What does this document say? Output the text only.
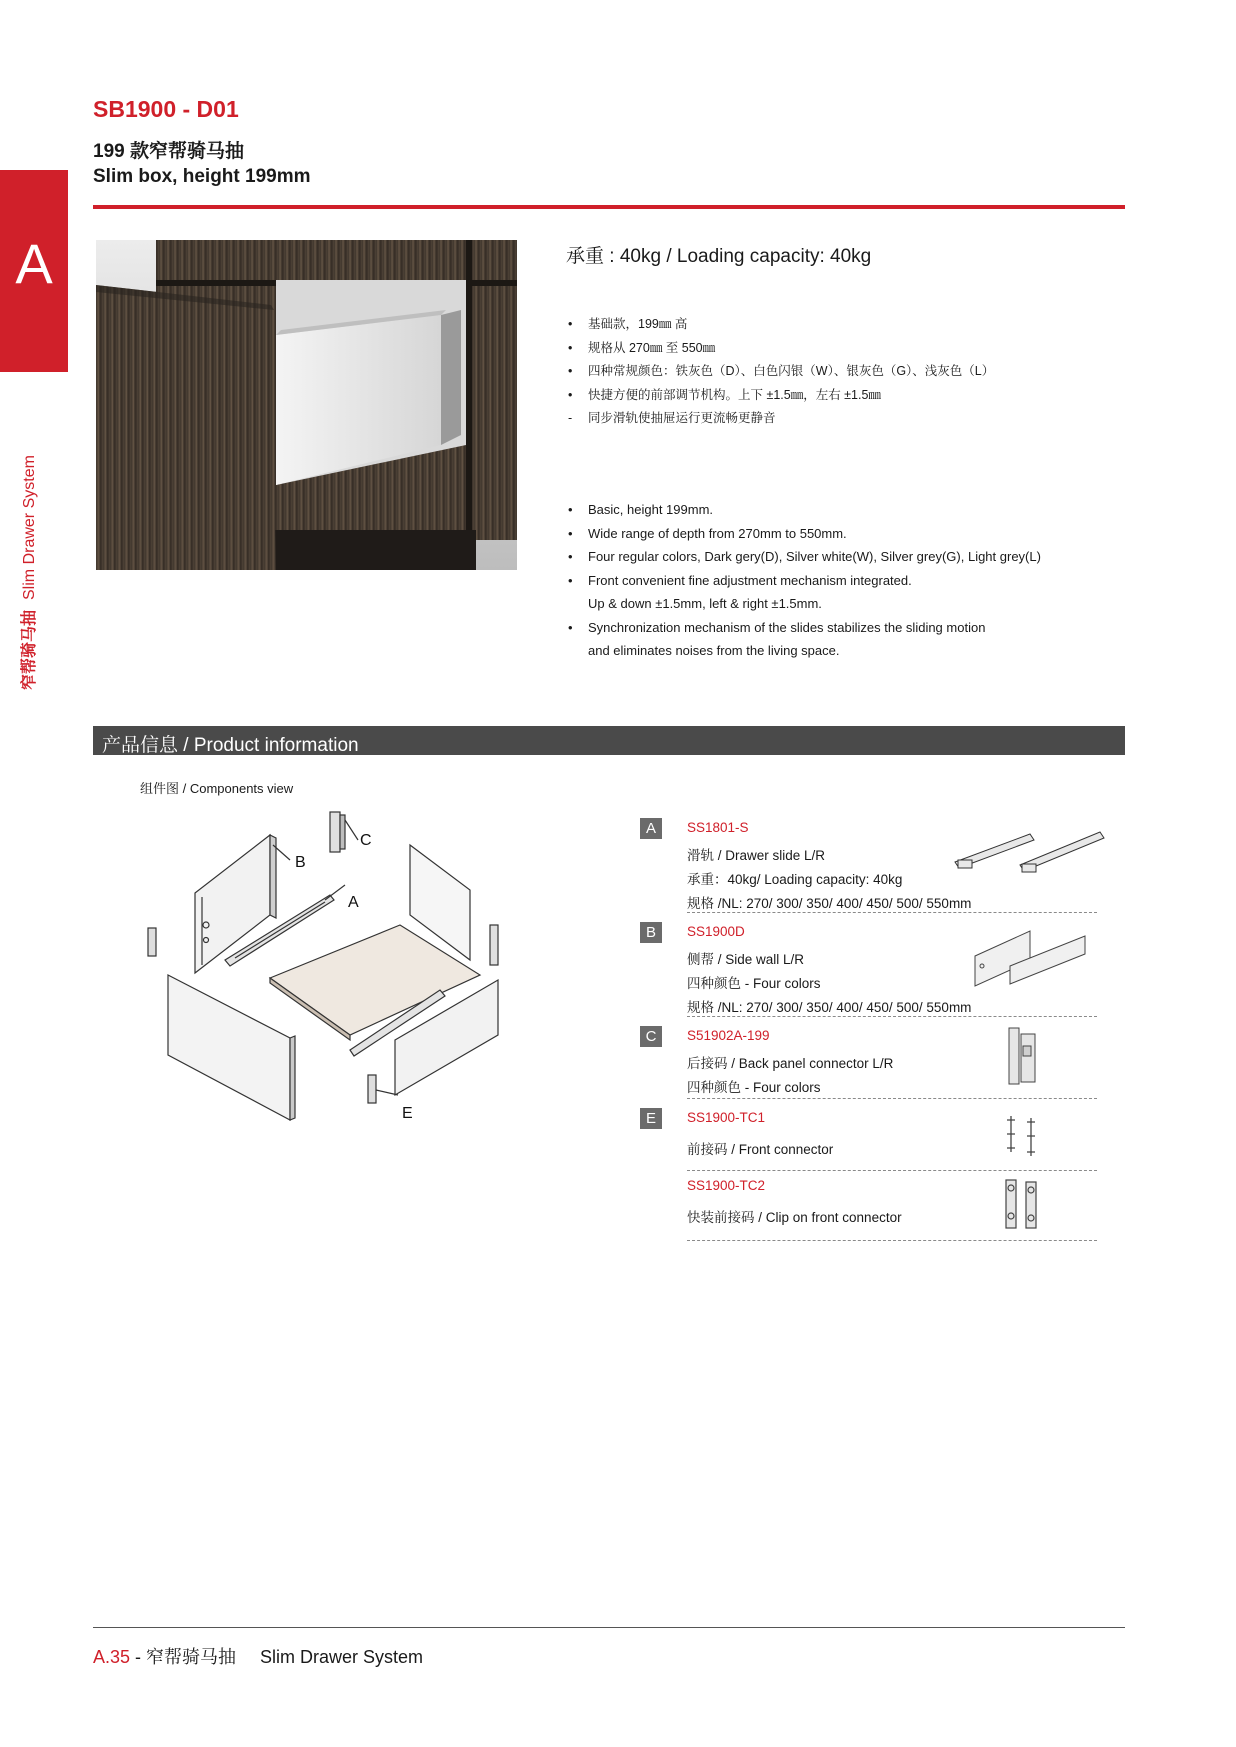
A
窄帮骑马抽Slim Drawer System
SB1900 - D01
199 款窄帮骑马抽
Slim box, height 199mm
承重 : 40kg / Loading capacity: 40kg
• 基础款，199㎜ 高
• 规格从 270㎜ 至 550㎜
• 四种常规颜色：铁灰色（D）、白色闪银（W）、银灰色（G）、浅灰色（L）
• 快捷方便的前部调节机构。上下 ±1.5㎜，左右 ±1.5㎜
- 同步滑轨使抽屉运行更流畅更静音
• Basic, height 199mm.
• Wide range of depth from 270mm to 550mm.
• Four regular colors, Dark gery(D), Silver white(W), Silver grey(G), Light grey(L)
• Front convenient fine adjustment mechanism integrated.
Up & down ±1.5mm, left & right ±1.5mm.
• Synchronization mechanism of the slides stabilizes the sliding motion
and eliminates noises from the living space.
产品信息 / Product information
组件图 / Components view
B
C
A
E
A	SS1801-S
滑轨 / Drawer slide L/R
承重：40kg/ Loading capacity: 40kg
规格 /NL: 270/ 300/ 350/ 400/ 450/ 500/ 550mm
B	SS1900D
侧帮 / Side wall L/R
四种颜色 - Four colors
规格 /NL: 270/ 300/ 350/ 400/ 450/ 500/ 550mm
C	S51902A-199
后接码 / Back panel connector L/R
四种颜色 - Four colors
E	SS1900-TC1
前接码 / Front connector
SS1900-TC2
快装前接码 / Clip on front connector
A.35 - 窄帮骑马抽 Slim Drawer System
